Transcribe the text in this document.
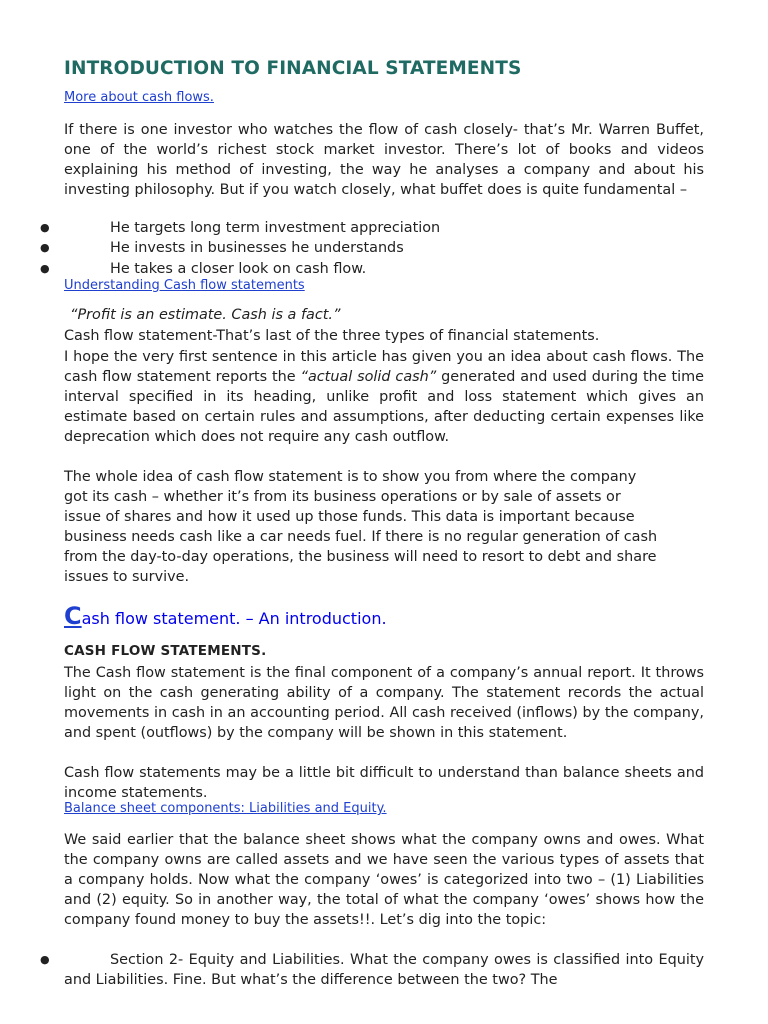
INTRODUCTION TO FINANCIAL STATEMENTS
More about cash flows.

If there is one investor who watches the flow of cash closely- that’s Mr. Warren Buffet, one of the world’s richest stock market investor. There’s lot of books and videos explaining his method of investing, the way he analyses a company and about his investing philosophy. But if you watch closely, what buffet does is quite fundamental –

●	He targets long term investment appreciation
●	He invests in businesses he understands
●	He takes a closer look on cash flow.
Understanding Cash flow statements
“Profit is an estimate. Cash is a fact.”

Cash flow statement-That’s last of the three types of financial statements.

I hope the very first sentence in this article has given you an idea about cash flows. The cash flow statement reports the “actual solid cash” generated and used during the time interval specified in its heading, unlike profit and loss statement which gives an estimate based on certain rules and assumptions, after deducting certain expenses like deprecation which does not require any cash outflow.

The whole idea of cash flow statement is to show you from where the company
got its cash – whether it’s from its business operations or by sale of assets or
issue of shares and how it used up those funds. This data is important because
business needs cash like a car needs fuel. If there is no regular generation of cash
from the day-to-day operations, the business will need to resort to debt and share
issues to survive.
Cash flow statement. – An introduction.
CASH FLOW STATEMENTS.

The Cash flow statement is the final component of a company’s annual report. It throws light on the cash generating ability of a company. The statement records the actual movements in cash in an accounting period. All cash received (inflows) by the company, and spent (outflows) by the company will be shown in this statement.

Cash flow statements may be a little bit difficult to understand than balance sheets and income statements.

Balance sheet components: Liabilities and Equity.

We said earlier that the balance sheet shows what the company owns and owes. What the company owns are called assets and we have seen the various types of assets that a company holds. Now what the company ‘owes’ is categorized into two – (1) Liabilities and (2) equity. So in another way, the total of what the company ‘owes’ shows how the company found money to buy the assets!!. Let’s dig into the topic:

●	Section 2- Equity and Liabilities. What the company owes is classified into Equity and Liabilities. Fine. But what’s the difference between the two? The
